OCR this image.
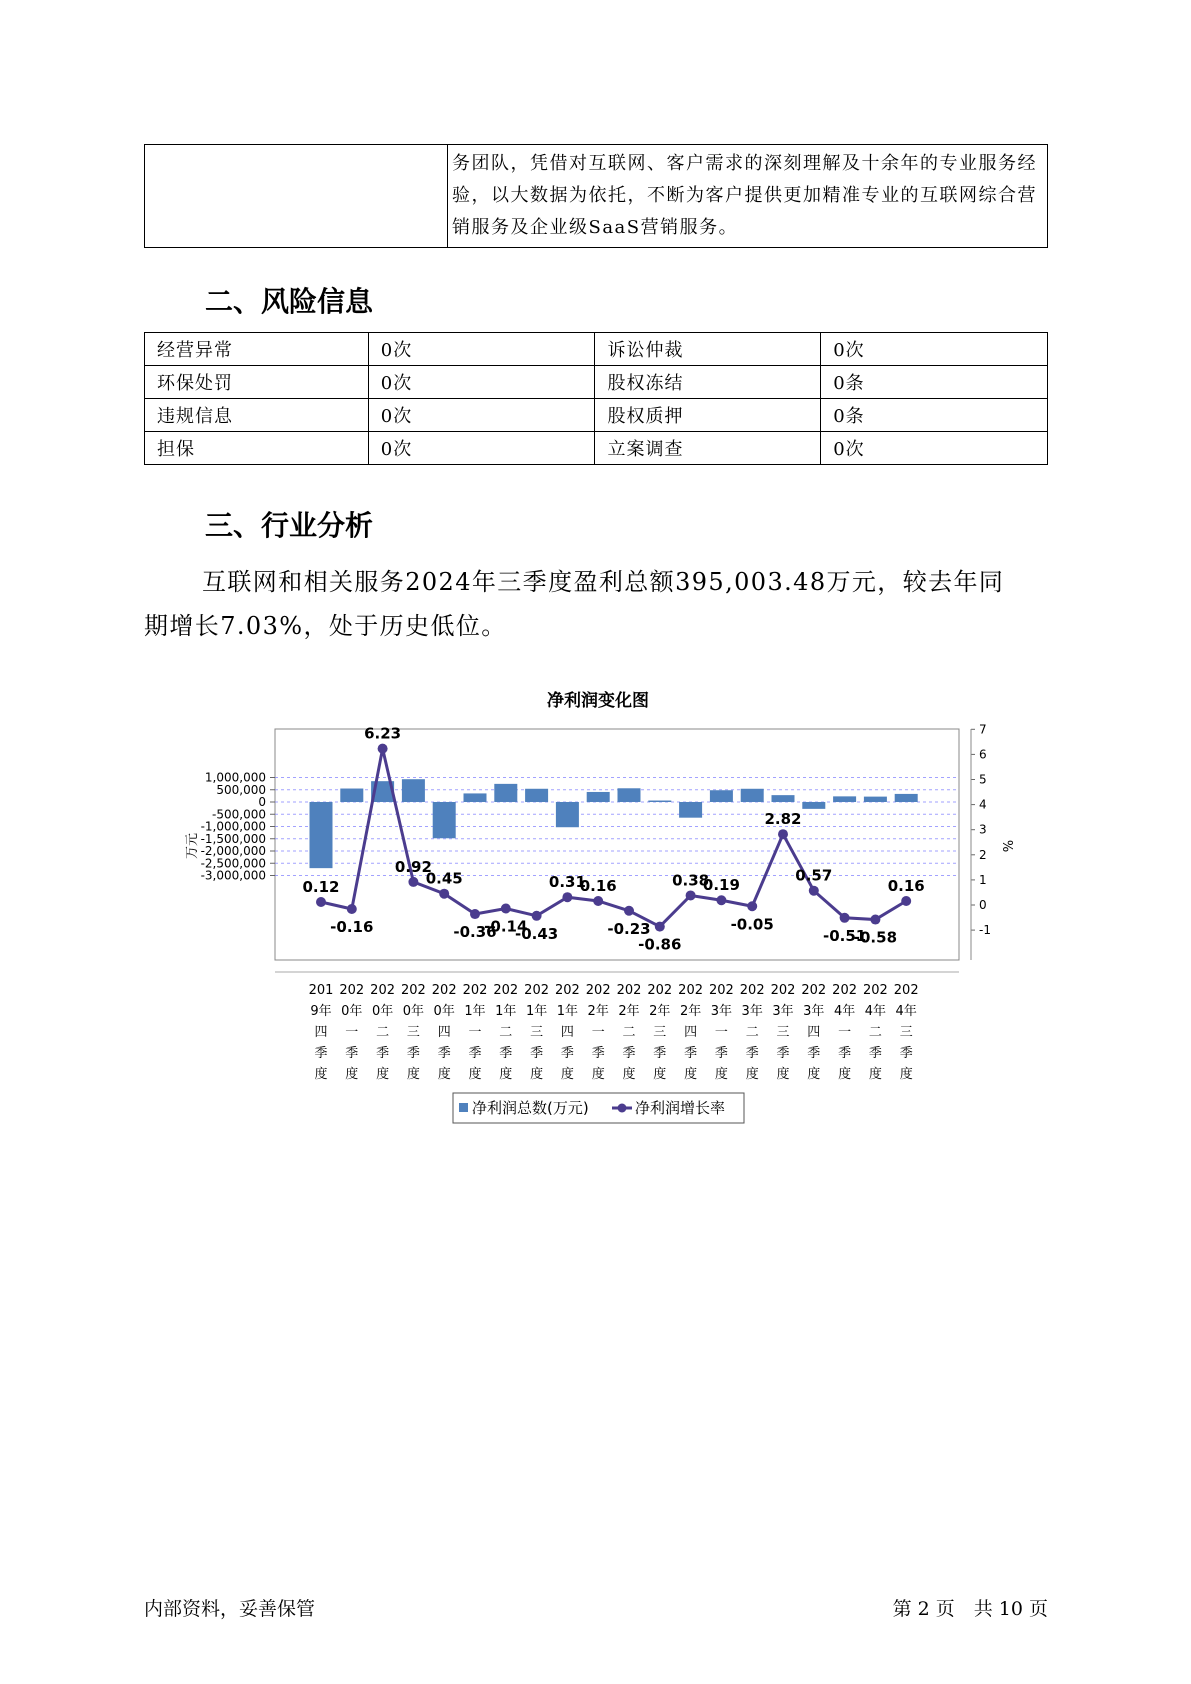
务团队，凭借对互联网、客户需求的深刻理解及十余年的专业服务经
验，以大数据为依托，不断为客户提供更加精准专业的互联网综合营
销服务及企业级SaaS营销服务。
二、风险信息
经营异常	0次	诉讼仲裁	0次
环保处罚	0次	股权冻结	0条
违规信息	0次	股权质押	0条
担保	0次	立案调查	0次
三、行业分析
互联网和相关服务2024年三季度盈利总额395,003.48万元，较去年同
期增长7.03%，处于历史低位。
净利润变化图
1,000,000
500,000
0
-500,000
-1,000,000
-1,500,000
-2,000,000
-2,500,000
-3,000,000
7
6
5
4
3
2
1
0
-1
万元	%
0.12
-0.16
6.23
0.92
0.45
-0.36
-0.14
-0.43
0.31
0.16
-0.23
-0.86
0.38
0.19
-0.05
2.82
0.57
-0.51
-0.58
0.16
201
9年
四
季
度
202
0年
一
季
度
202
0年
二
季
度
202
0年
三
季
度
202
0年
四
季
度
202
1年
一
季
度
202
1年
二
季
度
202
1年
三
季
度
202
1年
四
季
度
202
2年
一
季
度
202
2年
二
季
度
202
2年
三
季
度
202
2年
四
季
度
202
3年
一
季
度
202
3年
二
季
度
202
3年
三
季
度
202
3年
四
季
度
202
4年
一
季
度
202
4年
二
季
度
202
4年
三
季
度
净利润总数(万元)	净利润增长率
内部资料，妥善保管	第 2 页　共 10 页
